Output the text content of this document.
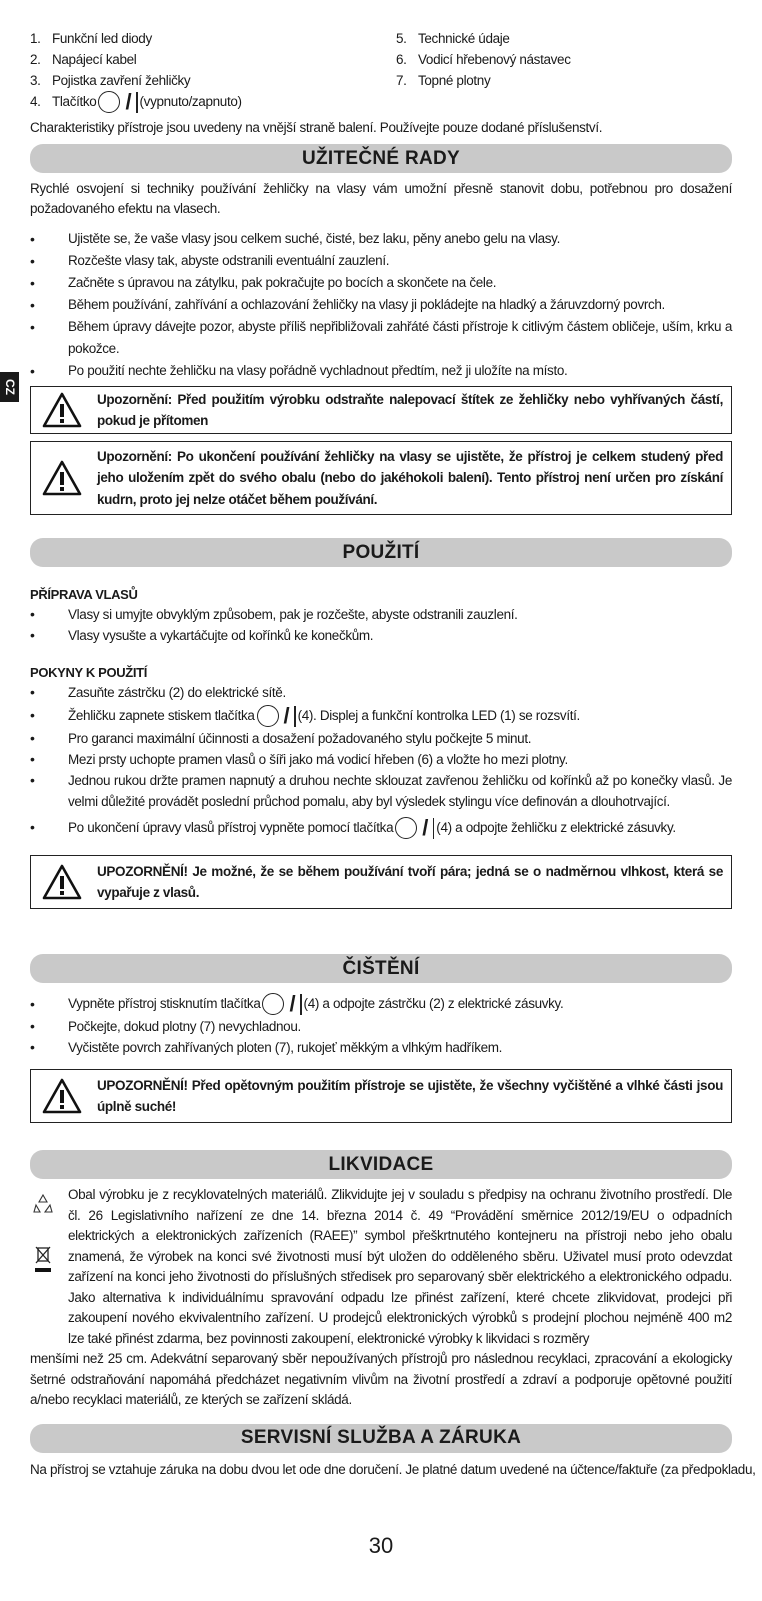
CZ
1. Funkční led diody
2. Napájecí kabel
3. Pojistka zavření žehličky
4. Tlačítko / (vypnuto/zapnuto)
5. Technické údaje
6. Vodicí hřebenový nástavec
7. Topné plotny

Charakteristiky přístroje jsou uvedeny na vnější straně balení. Používejte pouze dodané příslušenství.

UŽITEČNÉ RADY

Rychlé osvojení si techniky používání žehličky na vlasy vám umožní přesně stanovit dobu, potřebnou pro dosažení požadovaného efektu na vlasech.

• Ujistěte se, že vaše vlasy jsou celkem suché, čisté, bez laku, pěny anebo gelu na vlasy.
• Rozčešte vlasy tak, abyste odstranili eventuální zauzlení.
• Začněte s úpravou na zátylku, pak pokračujte po bocích a skončete na čele.
• Během používání, zahřívání a ochlazování žehličky na vlasy ji pokládejte na hladký a žáruvzdorný povrch.
• Během úpravy dávejte pozor, abyste příliš nepřibližovali zahřáté části přístroje k citlivým částem obličeje, uším, krku a pokožce.
• Po použití nechte žehličku na vlasy pořádně vychladnout předtím, než ji uložíte na místo.
Upozornění: Před použitím výrobku odstraňte nalepovací štítek ze žehličky nebo vyhřívaných částí, pokud je přítomen
Upozornění: Po ukončení používání žehličky na vlasy se ujistěte, že přístroj je celkem studený před jeho uložením zpět do svého obalu (nebo do jakéhokoli balení). Tento přístroj není určen pro získání kudrn, proto jej nelze otáčet během používání.
POUŽITÍ

PŘÍPRAVA VLASŮ

• Vlasy si umyjte obvyklým způsobem, pak je rozčešte, abyste odstranili zauzlení.
• Vlasy vysušte a vykartáčujte od kořínků ke konečkům.

POKYNY K POUŽITÍ

• Zasuňte zástrčku (2) do elektrické sítě.
• Žehličku zapnete stiskem tlačítka / (4). Displej a funkční kontrolka LED (1) se rozsvítí.
• Pro garanci maximální účinnosti a dosažení požadovaného stylu počkejte 5 minut.
• Mezi prsty uchopte pramen vlasů o šíři jako má vodicí hřeben (6) a vložte ho mezi plotny.
• Jednou rukou držte pramen napnutý a druhou nechte sklouzat zavřenou žehličku od kořínků až po konečky vlasů. Je velmi důležité provádět poslední průchod pomalu, aby byl výsledek stylingu více definován a dlouhotrvající.
• Po ukončení úpravy vlasů přístroj vypněte pomocí tlačítka / (4) a odpojte žehličku z elektrické zásuvky.
UPOZORNĚNÍ! Je možné, že se během používání tvoří pára; jedná se o nadměrnou vlhkost, která se vypařuje z vlasů.
ČIŠTĚNÍ
• Vypněte přístroj stisknutím tlačítka / (4) a odpojte zástrčku (2) z elektrické zásuvky.
• Počkejte, dokud plotny (7) nevychladnou.
• Vyčistěte povrch zahřívaných ploten (7), rukojeť měkkým a vlhkým hadříkem.
UPOZORNĚNÍ! Před opětovným použitím přístroje se ujistěte, že všechny vyčištěné a vlhké části jsou úplně suché!
LIKVIDACE
Obal výrobku je z recyklovatelných materiálů. Zlikvidujte jej v souladu s předpisy na ochranu životního prostředí. Dle čl. 26 Legislativního nařízení ze dne 14. března 2014 č. 49 “Provádění směrnice 2012/19/EU o odpadních elektrických a elektronických zařízeních (RAEE)” symbol přeškrtnutého kontejneru na přístroji nebo jeho obalu znamená, že výrobek na konci své životnosti musí být uložen do odděleného sběru. Uživatel musí proto odevzdat zařízení na konci jeho životnosti do příslušných středisek pro separovaný sběr elektrického a elektronického odpadu. Jako alternativa k individuálnímu spravování odpadu lze přinést zařízení, které chcete zlikvidovat, prodejci při zakoupení nového ekvivalentního zařízení. U prodejců elektronických výrobků s prodejní plochou nejméně 400 m2 lze také přinést zdarma, bez povinnosti zakoupení, elektronické výrobky k likvidaci s rozměry
menšími než 25 cm. Adekvátní separovaný sběr nepoužívaných přístrojů pro následnou recyklaci, zpracování a ekologicky šetrné odstraňování napomáhá předcházet negativním vlivům na životní prostředí a zdraví a podporuje opětovné použití a/nebo recyklaci materiálů, ze kterých se zařízení skládá.
SERVISNÍ SLUŽBA A ZÁRUKA

Na přístroj se vztahuje záruka na dobu dvou let ode dne doručení. Je platné datum uvedené na účtence/faktuře (za předpokladu,

30
